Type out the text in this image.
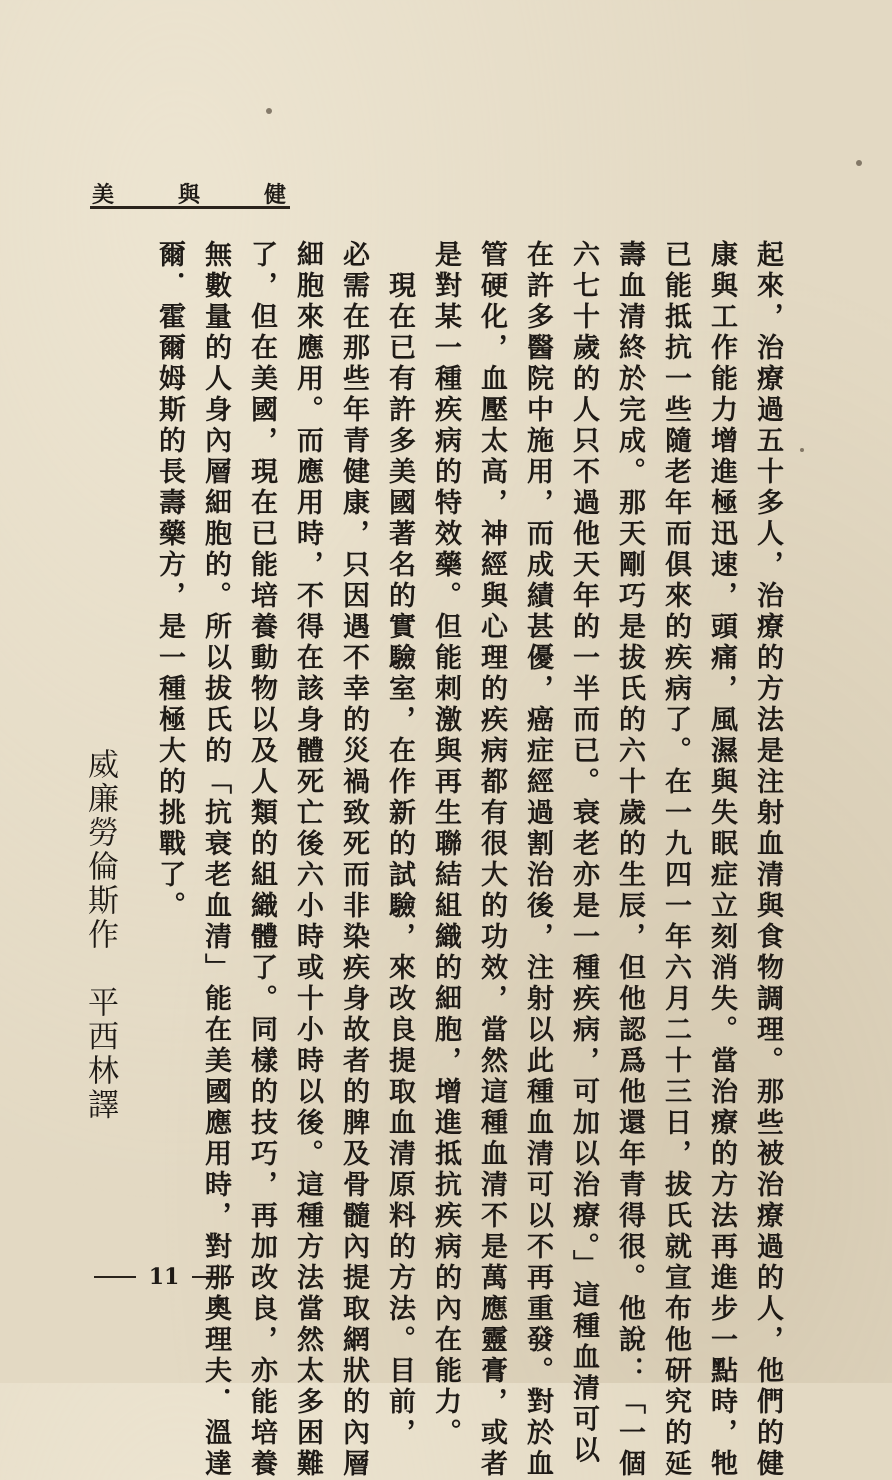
美	與	健
起來，治療過五十多人，治療的方法是注射血清與食物調理。那些被治療過的人，他們的健
康與工作能力增進極迅速，頭痛，風濕與失眠症立刻消失。當治療的方法再進步一點時，牠
已能抵抗一些隨老年而俱來的疾病了。在一九四一年六月二十三日，拔氏就宣布他研究的延
壽血清終於完成。那天剛巧是拔氏的六十歲的生辰，但他認爲他還年青得很。他說：「一個
六七十歲的人只不過他天年的一半而已。衰老亦是一種疾病，可加以治療。」這種血清可以
在許多醫院中施用，而成績甚優，癌症經過割治後，注射以此種血清可以不再重發。對於血
管硬化，血壓太高，神經與心理的疾病都有很大的功效，當然這種血清不是萬應靈膏，或者
是對某一種疾病的特效藥。但能刺激與再生聯結組織的細胞，增進抵抗疾病的內在能力。
　現在已有許多美國著名的實驗室，在作新的試驗，來改良提取血清原料的方法。目前，
必需在那些年青健康，只因遇不幸的災禍致死而非染疾身故者的脾及骨髓內提取網狀的內層
細胞來應用。而應用時，不得在該身體死亡後六小時或十小時以後。這種方法當然太多困難
了，但在美國，現在已能培養動物以及人類的組織體了。同樣的技巧，再加改良，亦能培養
無數量的人身內層細胞的。所以拔氏的「抗衰老血清」能在美國應用時，對那奧理夫．溫達
爾．霍爾姆斯的長壽藥方，是一種極大的挑戰了。
威廉勞倫斯作　平西林譯
11
